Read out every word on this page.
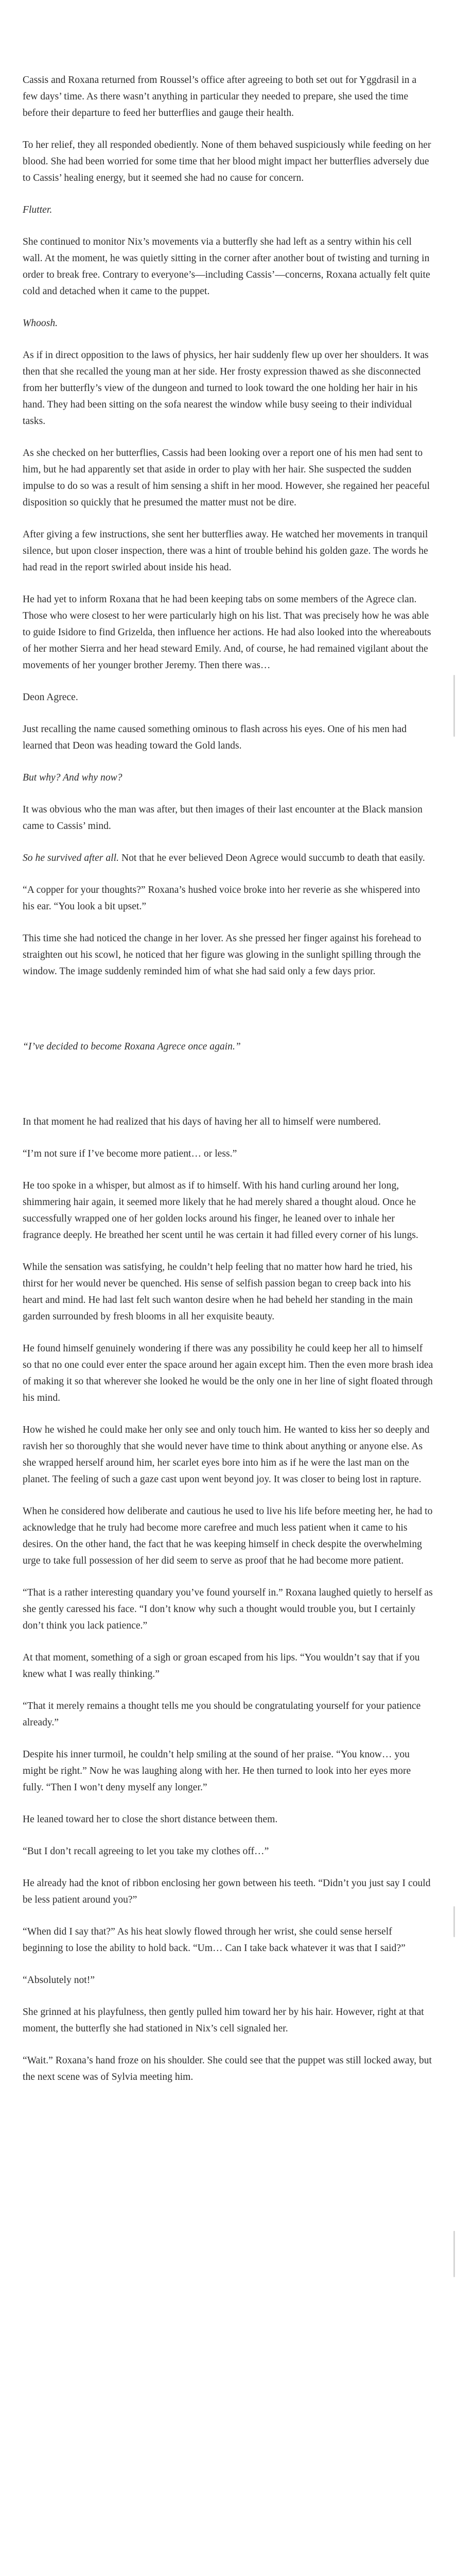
Cassis and Roxana returned from Roussel’s office after agreeing to both set out for Yggdrasil in a few days’ time. As there wasn’t anything in particular they needed to prepare, she used the time before their departure to feed her butterflies and gauge their health.

To her relief, they all responded obediently. None of them behaved suspiciously while feeding on her blood. She had been worried for some time that her blood might impact her butterflies adversely due to Cassis’ healing energy, but it seemed she had no cause for concern.

Flutter.

She continued to monitor Nix’s movements via a butterfly she had left as a sentry within his cell wall. At the moment, he was quietly sitting in the corner after another bout of twisting and turning in order to break free. Contrary to everyone’s—including Cassis’—concerns, Roxana actually felt quite cold and detached when it came to the puppet.

Whoosh.

As if in direct opposition to the laws of physics, her hair suddenly flew up over her shoulders. It was then that she recalled the young man at her side. Her frosty expression thawed as she disconnected from her butterfly’s view of the dungeon and turned to look toward the one holding her hair in his hand. They had been sitting on the sofa nearest the window while busy seeing to their individual tasks.

As she checked on her butterflies, Cassis had been looking over a report one of his men had sent to him, but he had apparently set that aside in order to play with her hair. She suspected the sudden impulse to do so was a result of him sensing a shift in her mood. However, she regained her peaceful disposition so quickly that he presumed the matter must not be dire.

After giving a few instructions, she sent her butterflies away. He watched her movements in tranquil silence, but upon closer inspection, there was a hint of trouble behind his golden gaze. The words he had read in the report swirled about inside his head.

He had yet to inform Roxana that he had been keeping tabs on some members of the Agrece clan. Those who were closest to her were particularly high on his list. That was precisely how he was able to guide Isidore to find Grizelda, then influence her actions. He had also looked into the whereabouts of her mother Sierra and her head steward Emily. And, of course, he had remained vigilant about the movements of her younger brother Jeremy. Then there was…

Deon Agrece.

Just recalling the name caused something ominous to flash across his eyes. One of his men had learned that Deon was heading toward the Gold lands.

But why? And why now?

It was obvious who the man was after, but then images of their last encounter at the Black mansion came to Cassis’ mind.

So he survived after all. Not that he ever believed Deon Agrece would succumb to death that easily.

“A copper for your thoughts?” Roxana’s hushed voice broke into her reverie as she whispered into his ear. “You look a bit upset.”

This time she had noticed the change in her lover. As she pressed her finger against his forehead to straighten out his scowl, he noticed that her figure was glowing in the sunlight spilling through the window. The image suddenly reminded him of what she had said only a few days prior.

“I’ve decided to become Roxana Agrece once again.”

In that moment he had realized that his days of having her all to himself were numbered.

“I’m not sure if I’ve become more patient… or less.”

He too spoke in a whisper, but almost as if to himself. With his hand curling around her long, shimmering hair again, it seemed more likely that he had merely shared a thought aloud. Once he successfully wrapped one of her golden locks around his finger, he leaned over to inhale her fragrance deeply. He breathed her scent until he was certain it had filled every corner of his lungs.

While the sensation was satisfying, he couldn’t help feeling that no matter how hard he tried, his thirst for her would never be quenched. His sense of selfish passion began to creep back into his heart and mind. He had last felt such wanton desire when he had beheld her standing in the main garden surrounded by fresh blooms in all her exquisite beauty.

He found himself genuinely wondering if there was any possibility he could keep her all to himself so that no one could ever enter the space around her again except him. Then the even more brash idea of making it so that wherever she looked he would be the only one in her line of sight floated through his mind.

How he wished he could make her only see and only touch him. He wanted to kiss her so deeply and ravish her so thoroughly that she would never have time to think about anything or anyone else. As she wrapped herself around him, her scarlet eyes bore into him as if he were the last man on the planet. The feeling of such a gaze cast upon went beyond joy. It was closer to being lost in rapture.

When he considered how deliberate and cautious he used to live his life before meeting her, he had to acknowledge that he truly had become more carefree and much less patient when it came to his desires. On the other hand, the fact that he was keeping himself in check despite the overwhelming urge to take full possession of her did seem to serve as proof that he had become more patient.

“That is a rather interesting quandary you’ve found yourself in.” Roxana laughed quietly to herself as she gently caressed his face. “I don’t know why such a thought would trouble you, but I certainly don’t think you lack patience.”

At that moment, something of a sigh or groan escaped from his lips. “You wouldn’t say that if you knew what I was really thinking.”

“That it merely remains a thought tells me you should be congratulating yourself for your patience already.”

Despite his inner turmoil, he couldn’t help smiling at the sound of her praise. “You know… you might be right.” Now he was laughing along with her. He then turned to look into her eyes more fully. “Then I won’t deny myself any longer.”

He leaned toward her to close the short distance between them.

“But I don’t recall agreeing to let you take my clothes off…”

He already had the knot of ribbon enclosing her gown between his teeth. “Didn’t you just say I could be less patient around you?”

“When did I say that?” As his heat slowly flowed through her wrist, she could sense herself beginning to lose the ability to hold back. “Um… Can I take back whatever it was that I said?”

“Absolutely not!”

She grinned at his playfulness, then gently pulled him toward her by his hair. However, right at that moment, the butterfly she had stationed in Nix’s cell signaled her.

“Wait.” Roxana’s hand froze on his shoulder. She could see that the puppet was still locked away, but the next scene was of Sylvia meeting him.
